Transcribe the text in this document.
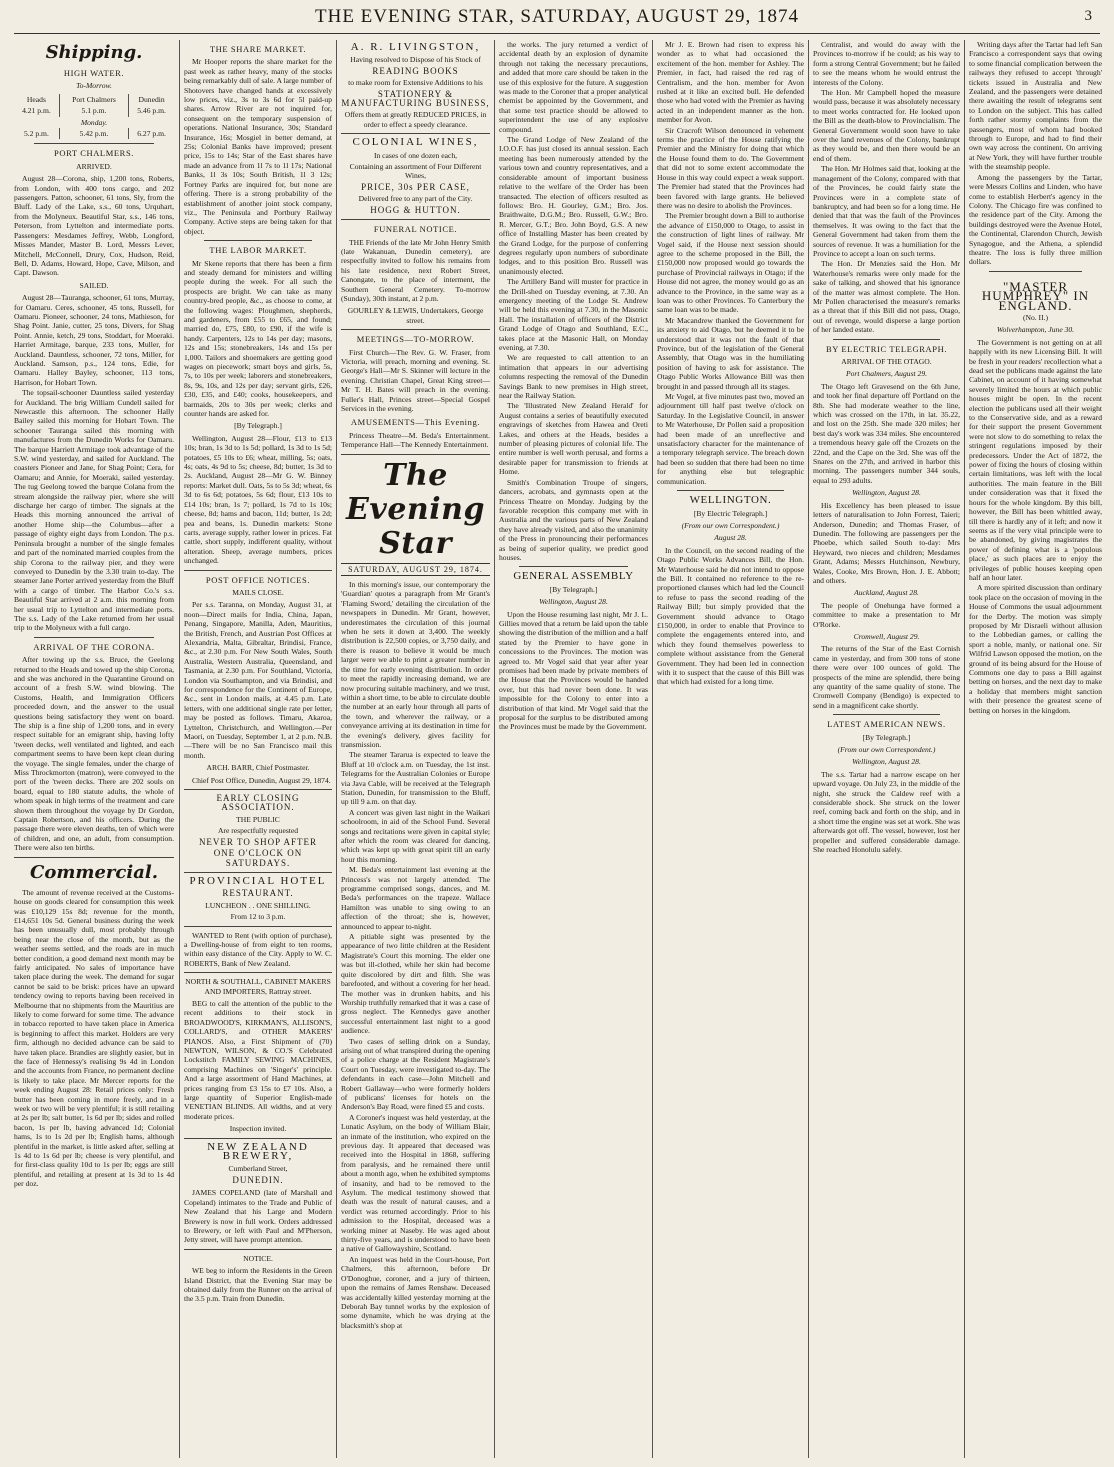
THE EVENING STAR, SATURDAY, AUGUST 29, 1874	3
Shipping.
HIGH WATER.
To-Morrow.
Heads	Port Chalmers	Dunedin
4.21 p.m.	5.1 p.m.	5.46 p.m.
Monday.		
5.2 p.m.	5.42 p.m.	6.27 p.m.
PORT CHALMERS.
ARRIVED.

August 28—Corona, ship, 1,200 tons, Roberts, from London, with 400 tons cargo, and 202 passengers. Patton, schooner, 61 tons, Sly, from the Bluff. Lady of the Lake, s.s., 60 tons, Urquhart, from the Molyneux. Beautiful Star, s.s., 146 tons, Peterson, from Lyttelton and intermediate ports. Passengers: Mesdames Jeffrey, Webb, Longford, Misses Mander, Master B. Lord, Messrs Lever, Mitchell, McConnell, Drury, Cox, Hudson, Reid, Bell, D. Adams, Howard, Hope, Cave, Milson, and Capt. Dawson.

SAILED.

August 28—Tauranga, schooner, 61 tons, Murray, for Oamaru. Ceres, schooner, 45 tons, Russell, for Oamaru. Pioneer, schooner, 24 tons, Mathieson, for Shag Point. Janie, cutter, 25 tons, Divers, for Shag Point. Annie, ketch, 29 tons, Stoddart, for Moeraki. Harriet Armitage, barque, 233 tons, Muller, for Auckland. Dauntless, schooner, 72 tons, Miller, for Auckland. Samson, p.s., 124 tons, Edie, for Oamaru. Halley Bayley, schooner, 113 tons, Harrison, for Hobart Town.

The topsail-schooner Dauntless sailed yesterday for Auckland. The brig William Cundell sailed for Newcastle this afternoon. The schooner Hally Bailey sailed this morning for Hobart Town. The schooner Tauranga sailed this morning with manufactures from the Dunedin Works for Oamaru. The barque Harriett Armitage took advantage of the S.W. wind yesterday, and sailed for Auckland. The coasters Pioneer and Jane, for Shag Point; Cera, for Oamaru; and Annie, for Moeraki, sailed yesterday. The tug Geelong towed the barque Colana from the stream alongside the railway pier, where she will discharge her cargo of timber. The signals at the Heads this morning announced the arrival of another Home ship—the Columbus—after a passage of eighty eight days from London. The p.s. Peninsula brought a number of the single females and part of the nominated married couples from the ship Corona to the railway pier, and they were conveyed to Dunedin by the 3.30 train to-day. The steamer Jane Porter arrived yesterday from the Bluff with a cargo of timber. The Harbor Co.'s s.s. Beautiful Star arrived at 2 a.m. this morning from her usual trip to Lyttelton and intermediate ports. The s.s. Lady of the Lake returned from her usual trip to the Molyneux with a full cargo.

ARRIVAL OF THE CORONA.

After towing up the s.s. Bruce, the Geelong returned to the Heads and towed up the ship Corona, and she was anchored in the Quarantine Ground on account of a fresh S.W. wind blowing. The Customs, Health, and Immigration Officers proceeded down, and the answer to the usual questions being satisfactory they went on board. The ship is a fine ship of 1,200 tons, and in every respect suitable for an emigrant ship, having lofty 'tween decks, well ventilated and lighted, and each compartment seems to have been kept clean during the voyage. The single females, under the charge of Miss Throckmorton (matron), were conveyed to the port of the 'tween decks. There are 202 souls on board, equal to 180 statute adults, the whole of whom speak in high terms of the treatment and care shown them throughout the voyage by Dr Gordon, Captain Robertson, and his officers. During the passage there were eleven deaths, ten of which were of children, and one, an adult, from consumption. There were also ten births.

Commercial.

The amount of revenue received at the Customs-house on goods cleared for consumption this week was £10,129 15s 8d; revenue for the month, £14,651 10s 5d. General business during the week has been unusually dull, most probably through being near the close of the month, but as the weather seems settled, and the roads are in much better condition, a good demand next month may be fairly anticipated. No sales of importance have taken place during the week. The demand for sugar cannot be said to be brisk: prices have an upward tendency owing to reports having been received in Melbourne that no shipments from the Mauritius are likely to come forward for some time. The advance in tobacco reported to have taken place in America is beginning to affect this market. Holders are very firm, although no decided advance can be said to have taken place. Brandies are slightly easier, but in the face of Hennessy's realising 9s 4d in London and the accounts from France, no permanent decline is likely to take place. Mr Mercer reports for the week ending August 28: Retail prices only: Fresh butter has been coming in more freely, and in a week or two will be very plentiful; it is still retailing at 2s per lb; salt butter, 1s 6d per lb; sides and rolled bacon, 1s per lb, having advanced 1d; Colonial hams, 1s to 1s 2d per lb; English hams, although plentiful in the market, is little asked after, selling at 1s 4d to 1s 6d per lb; cheese is very plentiful, and for first-class quality 10d to 1s per lb; eggs are still plentiful, and retailing at present at 1s 3d to 1s 4d per doz.

THE SHARE MARKET.

Mr Hooper reports the share market for the past week as rather heavy, many of the stocks being remarkably dull of sale. A large number of Shotovers have changed hands at excessively low prices, viz., 3s to 3s 6d for 5l paid-up shares. Arrow River are not inquired for, consequent on the temporary suspension of operations. National Insurance, 30s; Standard Insurance, 16s; Mosgiel in better demand, at 25s; Colonial Banks have improved; present price, 15s to 14s; Star of the East shares have made an advance from 1l 7s to 1l 17s; National Banks, 1l 3s 10s; South British, 1l 3 12s; Fortney Parks are inquired for, but none are offering. There is a strong probability of the establishment of another joint stock company, viz., The Peninsula and Portbury Railway Company. Active steps are being taken for that object.

THE LABOR MARKET.

Mr Skene reports that there has been a firm and steady demand for ministers and willing people during the week. For all such the prospects are bright. We can take as many country-bred people, &c., as choose to come, at the following wages: Ploughmen, shepherds, and gardeners, from £55 to £65, and found; married do, £75, £80, to £90, if the wife is handy. Carpenters, 12s to 14s per day; masons, 12s and 15s; stonebreakers, 14s and 15s per 1,000. Tailors and shoemakers are getting good wages on piecework; smart boys and girls, 5s, 7s, to 10s per week; laborers and stonebreakers, 8s, 9s, 10s, and 12s per day; servant girls, £26, £30, £35, and £40; cooks, housekeepers, and barmaids, 20s to 30s per week; clerks and counter hands are asked for.

[By Telegraph.]

Wellington, August 28—Flour, £13 to £13 10s; bran, 1s 3d to 1s 5d; pollard, 1s 3d to 1s 5d; potatoes, £5 10s to £6; wheat, milling, 5s; oats, 4s; oats, 4s 9d to 5s; cheese, 8d; butter, 1s 3d to 2s. Auckland, August 28—Mr G. W. Binney reports: Market dull. Oats, 5s to 5s 3d; wheat, 6s 3d to 6s 6d; potatoes, 5s 6d; flour, £13 10s to £14 10s; bran, 1s 7; pollard, 1s 7d to 1s 10s; cheese, 8d; hams and bacon, 11d; butter, 1s 2d; pea and beans, 1s. Dunedin markets: Stone carts, average supply, rather lower in prices. Fat cattle, short supply, indifferent quality, without alteration. Sheep, average numbers, prices unchanged.

POST OFFICE NOTICES.
MAILS CLOSE.

Per s.s. Taranna, on Monday, August 31, at noon—Direct mails for India, China, Japan, Penang, Singapore, Manilla, Aden, Mauritius, the British, French, and Austrian Post Offices at Alexandria, Malta, Gibraltar, Brindisi, France, &c., at 2.30 p.m. For New South Wales, South Australia, Western Australia, Queensland, and Tasmania, at 2.30 p.m. For Southland, Victoria, London via Southampton, and via Brindisi, and for correspondence for the Continent of Europe, &c., sent in London mails, at 4.45 p.m. Late letters, with one additional single rate per letter, may be posted as follows. Timaru, Akaroa, Lyttelton, Christchurch, and Wellington.—Per Maori, on Tuesday, September 1, at 2 p.m. N.B.—There will be no San Francisco mail this month.

ARCH. BARR, Chief Postmaster.

Chief Post Office, Dunedin, August 29, 1874.

EARLY CLOSING ASSOCIATION.
THE PUBLIC
Are respectfully requested
NEVER TO SHOP AFTER
ONE O'CLOCK ON SATURDAYS.
PROVINCIAL HOTEL
RESTAURANT.
LUNCHEON . . ONE SHILLING.
From 12 to 3 p.m.

WANTED to Rent (with option of purchase), a Dwelling-house of from eight to ten rooms, within easy distance of the City. Apply to W. C. ROBERTS, Bank of New Zealand.

NORTH & SOUTHALL, CABINET MAKERS AND IMPORTERS, Rattray street.

BEG to call the attention of the public to the recent additions to their stock in BROADWOOD'S, KIRKMAN'S, ALLISON'S, COLLARD'S, and OTHER MAKERS' PIANOS. Also, a First Shipment of (70) NEWTON, WILSON, & CO.'S Celebrated Lockstitch FAMILY SEWING MACHINES, comprising Machines on 'Singer's' principle. And a large assortment of Hand Machines, at prices ranging from £3 15s to £7 10s. Also, a large quantity of Superior English-made VENETIAN BLINDS. All widths, and at very moderate prices.

Inspection invited.
NEW ZEALAND BREWERY,
Cumberland Street,
DUNEDIN.

JAMES COPELAND (late of Marshall and Copeland) intimates to the Trade and Public of New Zealand that his Large and Modern Brewery is now in full work. Orders addressed to Brewery, or left with Paul and M'Pherson, Jetty street, will have prompt attention.

NOTICE.

WE beg to inform the Residents in the Green Island District, that the Evening Star may be obtained daily from the Runner on the arrival of the 3.5 p.m. Train from Dunedin.

A. R. LIVINGSTON,
Having resolved to Dispose of his Stock of
READING BOOKS
to make room for Extensive Additions to his
STATIONERY & MANUFACTURING BUSINESS,
Offers them at greatly REDUCED PRICES, in order to effect a speedy clearance.
COLONIAL WINES,
In cases of one dozen each,
Containing an assortment of Four Different Wines,
PRICE, 30s PER CASE,
Delivered free to any part of the City.
HOGG & HUTTON.
FUNERAL NOTICE.

THE Friends of the late Mr John Henry Smith (late Wakanuan, Dunedin cemetery), are respectfully invited to follow his remains from his late residence, next Robert Street, Canongate, to the place of interment, the Southern General Cemetery. To-morrow (Sunday), 30th instant, at 2 p.m.

GOURLEY & LEWIS, Undertakers, George street.
MEETINGS—TO-MORROW.

First Church—The Rev. G. W. Fraser, from Victoria, will preach, morning and evening. St. George's Hall—Mr S. Skinner will lecture in the evening. Christian Chapel, Great King street—Mr T. H. Bates will preach in the evening. Fuller's Hall, Princes street—Special Gospel Services in the evening.

AMUSEMENTS—This Evening.

Princess Theatre—M. Beda's Entertainment. Temperance Hall—The Kennedy Entertainment.

The Evening Star
SATURDAY, AUGUST 29, 1874.

In this morning's issue, our contemporary the 'Guardian' quotes a paragraph from Mr Grant's 'Flaming Sword,' detailing the circulation of the newspapers in Dunedin. Mr Grant, however, underestimates the circulation of this journal when he sets it down at 3,400. The weekly distribution is 22,500 copies, or 3,750 daily, and there is reason to believe it would be much larger were we able to print a greater number in the time for early evening distribution. In order to meet the rapidly increasing demand, we are now procuring suitable machinery, and we trust, within a short time, to be able to circulate double the number at an early hour through all parts of the town, and wherever the railway, or a conveyance arriving at its destination in time for the evening's delivery, gives facility for transmission.

The steamer Tararua is expected to leave the Bluff at 10 o'clock a.m. on Tuesday, the 1st inst. Telegrams for the Australian Colonies or Europe via Java Cable, will be received at the Telegraph Station, Dunedin, for transmission to the Bluff, up till 9 a.m. on that day.

A concert was given last night in the Waikari schoolroom, in aid of the School Fund. Several songs and recitations were given in capital style; after which the room was cleared for dancing, which was kept up with great spirit till an early hour this morning.

M. Beda's entertainment last evening at the Princess's was not largely attended. The programme comprised songs, dances, and M. Beda's performances on the trapeze. Wallace Hamilton was unable to sing owing to an affection of the throat; she is, however, announced to appear to-night.

A pitiable sight was presented by the appearance of two little children at the Resident Magistrate's Court this morning. The elder one was but ill-clothed, while her skin had become quite discolored by dirt and filth. She was barefooted, and without a covering for her head. The mother was in drunken habits, and his Worship truthfully remarked that it was a case of gross neglect. The Kennedys gave another successful entertainment last night to a good audience.

Two cases of selling drink on a Sunday, arising out of what transpired during the opening of a police charge at the Resident Magistrate's Court on Tuesday, were investigated to-day. The defendants in each case—John Mitchell and Robert Gallaway—who were formerly holders of publicans' licenses for hotels on the Anderson's Bay Road, were fined £5 and costs.

A Coroner's inquest was held yesterday, at the Lunatic Asylum, on the body of William Blair, an inmate of the institution, who expired on the previous day. It appeared that deceased was received into the Hospital in 1868, suffering from paralysis, and he remained there until about a month ago, when he exhibited symptoms of insanity, and had to be removed to the Asylum. The medical testimony showed that death was the result of natural causes, and a verdict was returned accordingly. Prior to his admission to the Hospital, deceased was a working miner at Naseby. He was aged about thirty-five years, and is understood to have been a native of Gallowayshire, Scotland.

An inquest was held in the Court-house, Port Chalmers, this afternoon, before Dr O'Donoghue, coroner, and a jury of thirteen, upon the remains of James Renshaw. Deceased was accidentally killed yesterday morning at the Deborah Bay tunnel works by the explosion of some dynamite, which he was drying at the blacksmith's shop at

the works. The jury returned a verdict of accidental death by an explosion of dynamite through not taking the necessary precautions, and added that more care should be taken in the use of this explosive for the future. A suggestion was made to the Coroner that a proper analytical chemist be appointed by the Government, and that some test practice should be allowed to superintendent the use of any explosive compound.

The Grand Lodge of New Zealand of the I.O.O.F. has just closed its annual session. Each meeting has been numerously attended by the various town and country representatives, and a considerable amount of important business relative to the welfare of the Order has been transacted. The election of officers resulted as follows: Bro. H. Gourley, G.M.; Bro. Jos. Braithwaite, D.G.M.; Bro. Russell, G.W.; Bro. R. Mercer, G.T.; Bro. John Boyd, G.S. A new office of Installing Master has been created by the Grand Lodge, for the purpose of conferring degrees regularly upon numbers of subordinate lodges, and to this position Bro. Russell was unanimously elected.

The Artillery Band will muster for practice in the Drill-shed on Tuesday evening, at 7.30. An emergency meeting of the Lodge St. Andrew will be held this evening at 7.30, in the Masonic Hall. The installation of officers of the District Grand Lodge of Otago and Southland, E.C., takes place at the Masonic Hall, on Monday evening, at 7.30.

We are requested to call attention to an intimation that appears in our advertising columns respecting the removal of the Dunedin Savings Bank to new premises in High street, near the Railway Station.

The 'Illustrated New Zealand Herald' for August contains a series of beautifully executed engravings of sketches from Hawea and Oreti Lakes, and others at the Heads, besides a number of pleasing pictures of colonial life. The entire number is well worth perusal, and forms a desirable paper for transmission to friends at Home.

Smith's Combination Troupe of singers, dancers, acrobats, and gymnasts open at the Princess Theatre on Monday. Judging by the favorable reception this company met with in Australia and the various parts of New Zealand they have already visited, and also the unanimity of the Press in pronouncing their performances as being of superior quality, we predict good houses.

GENERAL ASSEMBLY
[By Telegraph.]
Wellington, August 28.

Upon the House resuming last night, Mr J. L. Gillies moved that a return be laid upon the table showing the distribution of the million and a half stated by the Premier to have gone in concessions to the Provinces. The motion was agreed to. Mr Vogel said that year after year promises had been made by private members of the House that the Provinces would be handed over, but this had never been done. It was impossible for the Colony to enter into a distribution of that kind. Mr Vogel said that the proposal for the surplus to be distributed among the Provinces must be made by the Government.

Mr J. E. Brown had risen to express his wonder as to what had occasioned the excitement of the hon. member for Ashley. The Premier, in fact, had raised the red rag of Centralism, and the hon. member for Avon rushed at it like an excited bull. He defended those who had voted with the Premier as having acted in an independent manner as the hon. member for Avon.

Sir Cracroft Wilson denounced in vehement terms the practice of the House ratifying the Premier and the Ministry for doing that which the House found them to do. The Government that did not to some extent accommodate the House in this way could expect a weak support. The Premier had stated that the Provinces had been favored with large grants. He believed there was no desire to abolish the Provinces.

The Premier brought down a Bill to authorise the advance of £150,000 to Otago, to assist in the construction of light lines of railway. Mr Vogel said, if the House next session should agree to the scheme proposed in the Bill, the £150,000 now proposed would go towards the purchase of Provincial railways in Otago; if the House did not agree, the money would go as an advance to the Province, in the same way as a loan was to other Provinces. To Canterbury the same loan was to be made.

Mr Macandrew thanked the Government for its anxiety to aid Otago, but he deemed it to be understood that it was not the fault of that Province, but of the legislation of the General Assembly, that Otago was in the humiliating position of having to ask for assistance. The Otago Public Works Allowance Bill was then brought in and passed through all its stages.

Mr Vogel, at five minutes past two, moved an adjournment till half past twelve o'clock on Saturday. In the Legislative Council, in answer to Mr Waterhouse, Dr Pollen said a proposition had been made of an unreflective and unsatisfactory character for the maintenance of a temporary telegraph service. The breach down had been so sudden that there had been no time for anything else but telegraphic communication.

WELLINGTON.
[By Electric Telegraph.]
(From our own Correspondent.)
August 28.

In the Council, on the second reading of the Otago Public Works Advances Bill, the Hon. Mr Waterhouse said he did not intend to oppose the Bill. It contained no reference to the re-proportioned clauses which had led the Council to refuse to pass the second reading of the Railway Bill; but simply provided that the Government should advance to Otago £150,000, in order to enable that Province to complete the engagements entered into, and which they found themselves powerless to complete without assistance from the General Government. They had been led in connection with it to suspect that the cause of this Bill was that which had existed for a long time.

Centralist, and would do away with the Provinces to-morrow if he could; as his way to form a strong Central Government; but he failed to see the means whom he would entrust the interests of the Colony.

The Hon. Mr Campbell hoped the measure would pass, because it was absolutely necessary to meet works contracted for. He looked upon the Bill as the death-blow to Provincialism. The General Government would soon have to take over the land revenues of the Colony, bankrupt as they would be, and then there would be an end of them.

The Hon. Mr Holmes said that, looking at the management of the Colony, compared with that of the Provinces, he could fairly state the Provinces were in a complete state of bankruptcy, and had been so for a long time. He denied that that was the fault of the Provinces themselves. It was owing to the fact that the General Government had taken from them the sources of revenue. It was a humiliation for the Province to accept a loan on such terms.

The Hon. Dr Menzies said the Hon. Mr Waterhouse's remarks were only made for the sake of talking, and showed that his ignorance of the matter was almost complete. The Hon. Mr Pollen characterised the measure's remarks as a threat that if this Bill did not pass, Otago, out of revenge, would disperse a large portion of her landed estate.

BY ELECTRIC TELEGRAPH.
ARRIVAL OF THE OTAGO.
Port Chalmers, August 29.

The Otago left Gravesend on the 6th June, and took her final departure off Portland on the 8th. She had moderate weather to the line, which was crossed on the 17th, in lat. 35.22, and lost on the 25th. She made 320 miles; her best day's work was 334 miles. She encountered a tremendous heavy gale off the Crozets on the 22nd, and the Cape on the 3rd. She was off the Snares on the 27th, and arrived in harbor this morning. The passengers number 344 souls, equal to 293 adults.

Wellington, August 28.

His Excellency has been pleased to issue letters of naturalisation to John Forrest, Taieri; Anderson, Dunedin; and Thomas Fraser, of Dunedin. The following are passengers per the Phoebe, which sailed South to-day: Mrs Heyward, two nieces and children; Mesdames Grant, Adams; Messrs Hutchinson, Newbury, Wales, Cooke, Mrs Brown, Hon. J. E. Abbott; and others.

Auckland, August 28.

The people of Onehunga have formed a committee to make a presentation to Mr O'Rorke.

Cromwell, August 29.

The returns of the Star of the East Cornish came in yesterday, and from 300 tons of stone there were over 100 ounces of gold. The prospects of the mine are splendid, there being any quantity of the same quality of stone. The Cromwell Company (Bendigo) is expected to send in a magnificent cake shortly.

LATEST AMERICAN NEWS.
[By Telegraph.]
(From our own Correspondent.)
Wellington, August 28.

The s.s. Tartar had a narrow escape on her upward voyage. On July 23, in the middle of the night, she struck the Caldew reef with a considerable shock. She struck on the lower reef, coming back and forth on the ship, and in a short time the engine was set at work. She was afterwards got off. The vessel, however, lost her propeller and suffered considerable damage. She reached Honolulu safely.

Writing days after the Tartar had left San Francisco a correspondent says that owing to some financial complication between the railways they refused to accept 'through' tickets issued in Australia and New Zealand, and the passengers were detained there awaiting the result of telegrams sent to London on the subject. This has called forth rather stormy complaints from the passengers, most of whom had booked through to Europe, and had to find their own way across the continent. On arriving at New York, they will have further trouble with the steamship people.

Among the passengers by the Tartar, were Messrs Collins and Linden, who have come to establish Herbert's agency in the Colony. The Chicago fire was confined to the residence part of the City. Among the buildings destroyed were the Avenue Hotel, the Continental, Clarendon Church, Jewish Synagogue, and the Athena, a splendid theatre. The loss is fully three million dollars.

"MASTER HUMPHREY" IN ENGLAND.
(No. II.)
Wolverhampton, June 30.

The Government is not getting on at all happily with its new Licensing Bill. It will be fresh in your readers' recollection what a dead set the publicans made against the late Cabinet, on account of it having somewhat severely limited the hours at which public houses might be open. In the recent election the publicans used all their weight to the Conservative side, and as a reward for their support the present Government were not slow to do something to relax the stringent regulations imposed by their predecessors. Under the Act of 1872, the power of fixing the hours of closing within certain limitations, was left with the local authorities. The main feature in the Bill under consideration was that it fixed the hours for the whole kingdom. By this bill, however, the Bill has been whittled away, till there is hardly any of it left; and now it seems as if the very vital principle were to be abandoned, by giving magistrates the power of defining what is a 'populous place,' as such places are to enjoy the privileges of public houses keeping open half an hour later.

A more spirited discussion than ordinary took place on the occasion of moving in the House of Commons the usual adjournment for the Derby. The motion was simply proposed by Mr Disraeli without allusion to the Lobbedian games, or calling the sport a noble, manly, or national one. Sir Wilfrid Lawson opposed the motion, on the ground of its being absurd for the House of Commons one day to pass a Bill against betting on horses, and the next day to make a holiday that members might sanction with their presence the greatest scene of betting on horses in the kingdom.
